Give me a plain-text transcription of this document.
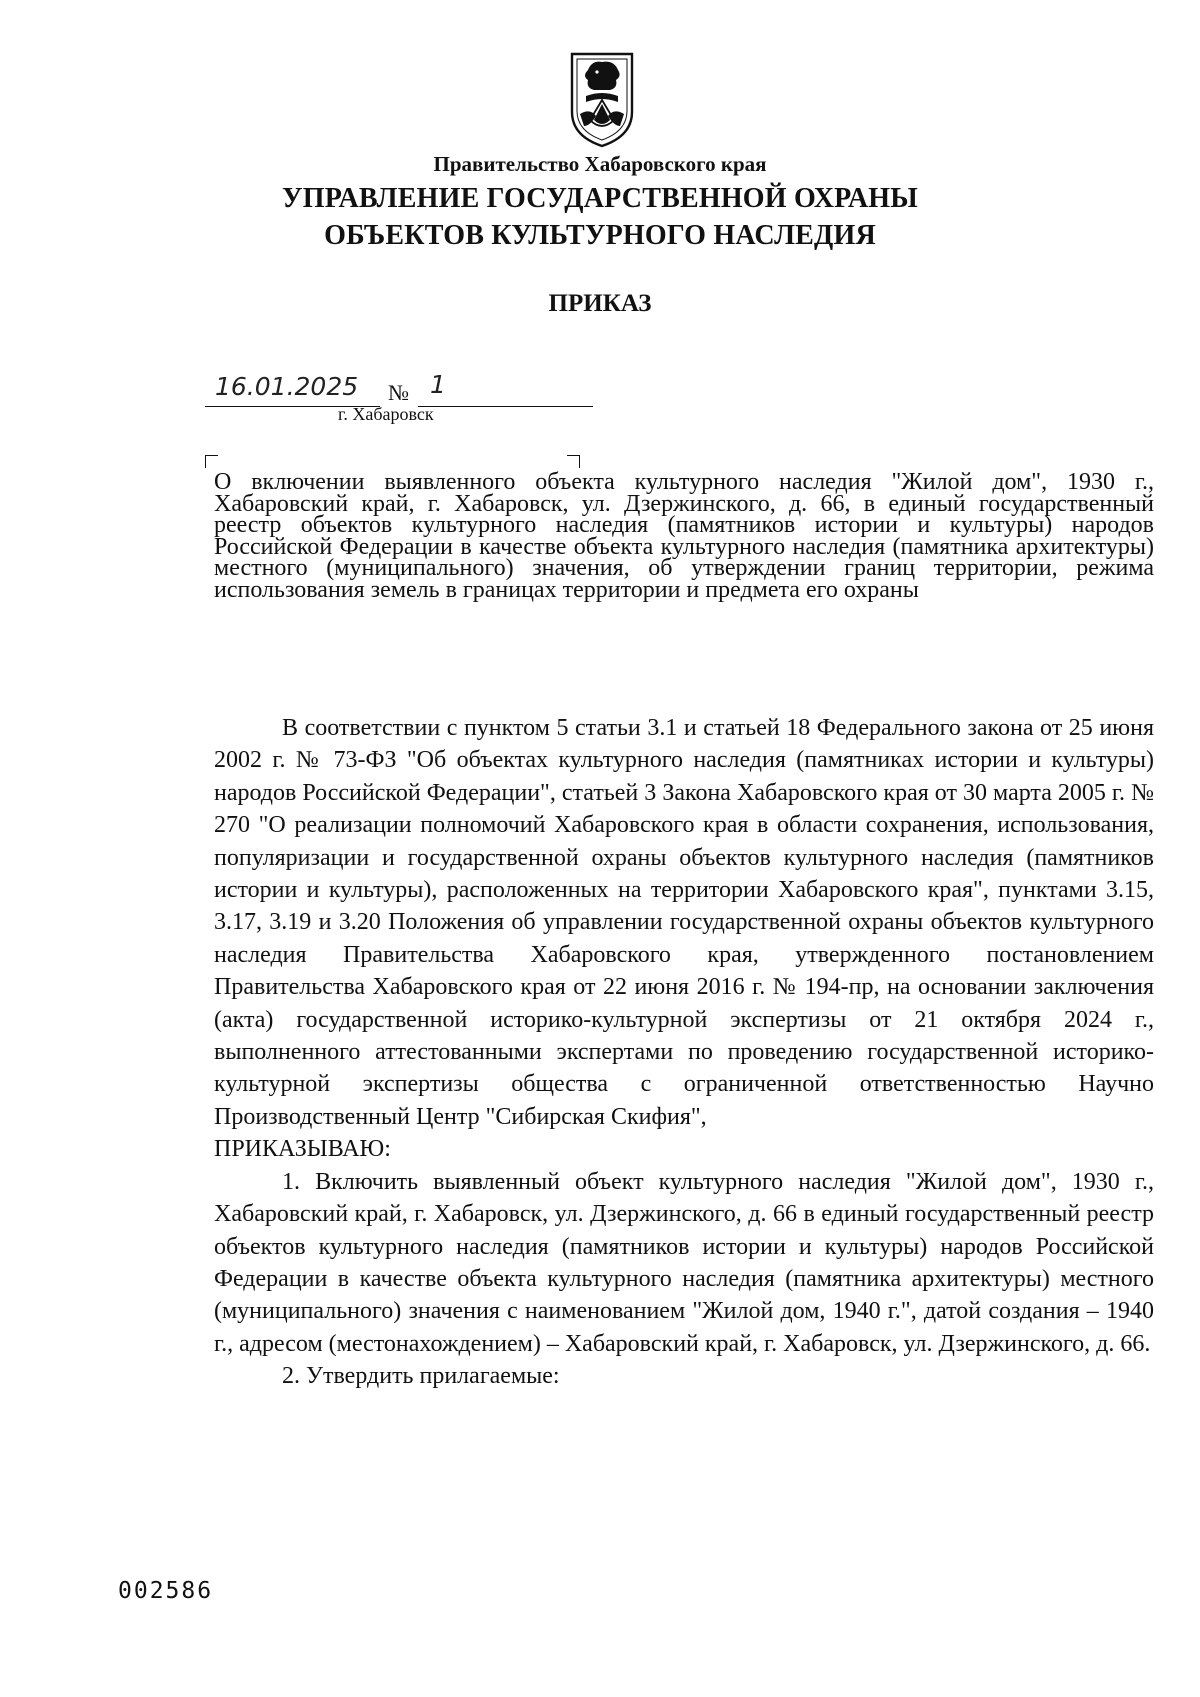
Правительство Хабаровского края
УПРАВЛЕНИЕ ГОСУДАРСТВЕННОЙ ОХРАНЫ
ОБЪЕКТОВ КУЛЬТУРНОГО НАСЛЕДИЯ
ПРИКАЗ
16.01.2025 № 1
г. Хабаровск
О включении выявленного объекта культурного наследия "Жилой дом", 1930 г., Хабаровский край, г. Хабаровск, ул. Дзержинского, д. 66, в единый государственный реестр объектов культурного наследия (памятников истории и культуры) народов Российской Федерации в качестве объекта культурного наследия (памятника архитектуры) местного (муниципального) значения, об утверждении границ территории, режима использования земель в границах территории и предмета его охраны

В соответствии с пунктом 5 статьи 3.1 и статьей 18 Федерального закона от 25 июня 2002 г. № 73-ФЗ "Об объектах культурного наследия (памятниках истории и культуры) народов Российской Федерации", статьей 3 Закона Хабаровского края от 30 марта 2005 г. № 270 "О реализации полномочий Хабаровского края в области сохранения, использования, популяризации и государственной охраны объектов культурного наследия (памятников истории и культуры), расположенных на территории Хабаровского края", пунктами 3.15, 3.17, 3.19 и 3.20 Положения об управлении государственной охраны объектов культурного наследия Правительства Хабаровского края, утвержденного постановлением Правительства Хабаровского края от 22 июня 2016 г. № 194-пр, на основании заключения (акта) государственной историко-культурной экспертизы от 21 октября 2024 г., выполненного аттестованными экспертами по проведению государственной историко-культурной экспертизы общества с ограниченной ответственностью Научно Производственный Центр "Сибирская Скифия",

ПРИКАЗЫВАЮ:

1. Включить выявленный объект культурного наследия "Жилой дом", 1930 г., Хабаровский край, г. Хабаровск, ул. Дзержинского, д. 66 в единый государственный реестр объектов культурного наследия (памятников истории и культуры) народов Российской Федерации в качестве объекта культурного наследия (памятника архитектуры) местного (муниципального) значения с наименованием "Жилой дом, 1940 г.", датой создания – 1940 г., адресом (местонахождением) – Хабаровский край, г. Хабаровск, ул. Дзержинского, д. 66.

2. Утвердить прилагаемые:

002586
